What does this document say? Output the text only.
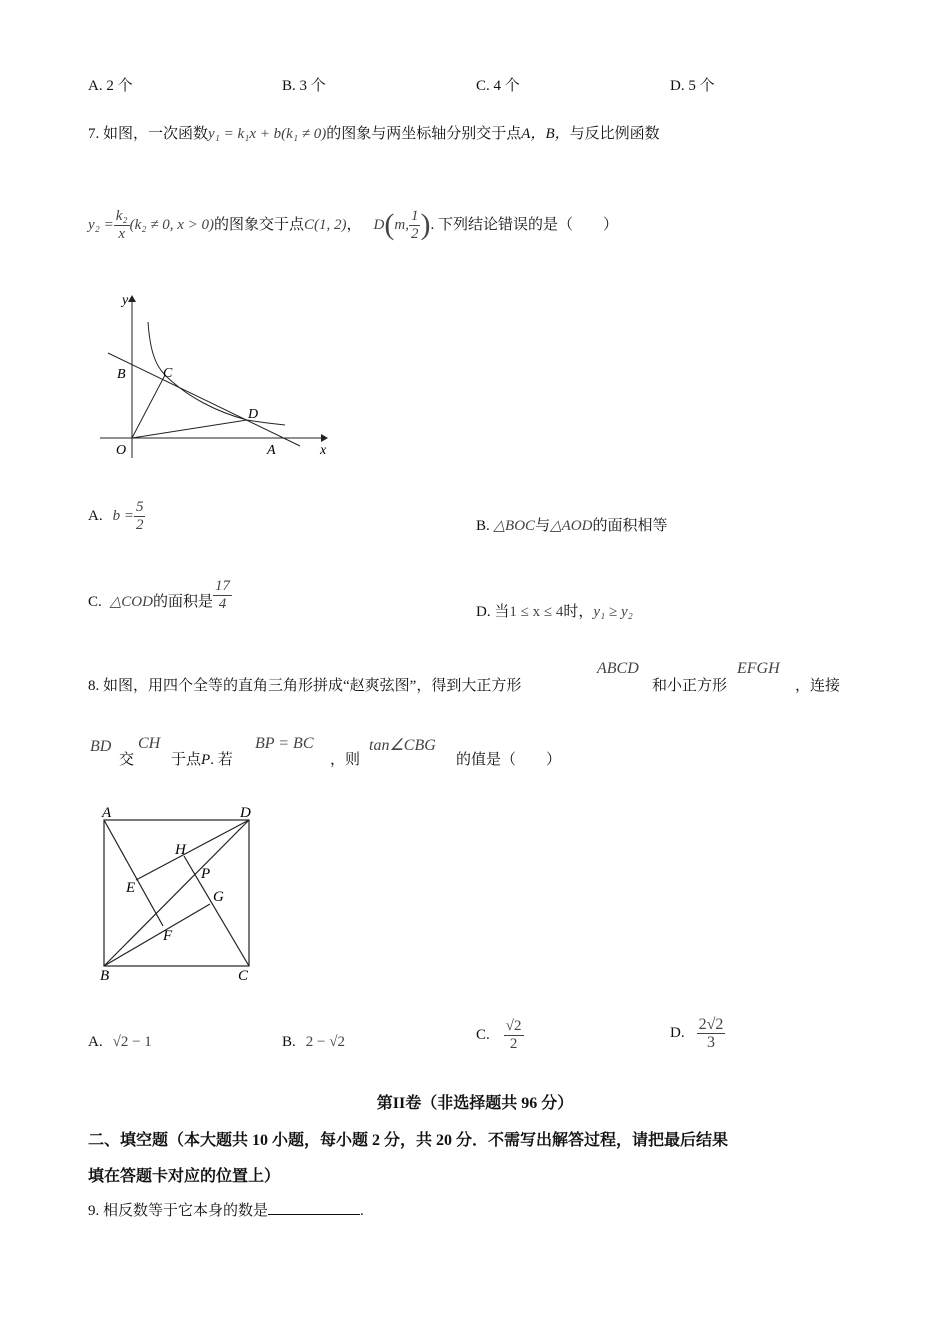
A. 2 个	B. 3 个	C. 4 个	D. 5 个
7. 如图，一次函数y₁ = k₁x + b(k₁ ≠ 0)的图象与两坐标轴分别交于点A，B，与反比例函数
$y_2 = \frac{\text{k₂}}{x} (k_2 \ne 0$, x > 0) 的图象交于点 C(1, 2) ， D ( m, $\frac{1}{2}$ ) . 下列结论错误的是（　　）
y
x
O	A
B	C
D
A. $b = \frac{5}{2}$	B. △BOC与△AOD的面积相等
C. △COD 的面积是 $\frac{17}{4}$	D. 当1 ≤ x ≤ 4时，y₁ ≥ y₂
8. 如图，用四个全等的直角三角形拼成“赵爽弦图”，得到大正方形
ABCD
和小正方形
EFGH
，连接
BD
交
CH
于点P. 若
BP = BC
，则
tan∠CBG
的值是（　　）
A	D
B	C
H
E
P
G
F
A. √2 − 1	B. 2 − √2	C. $\frac{√2}{2}$	D. $\frac{2√2}{3}$
第II卷（非选择题共 96 分）
二、填空题（本大题共 10 小题，每小题 2 分，共 20 分．不需写出解答过程，请把最后结果
填在答题卡对应的位置上）
9. 相反数等于它本身的数是	.
